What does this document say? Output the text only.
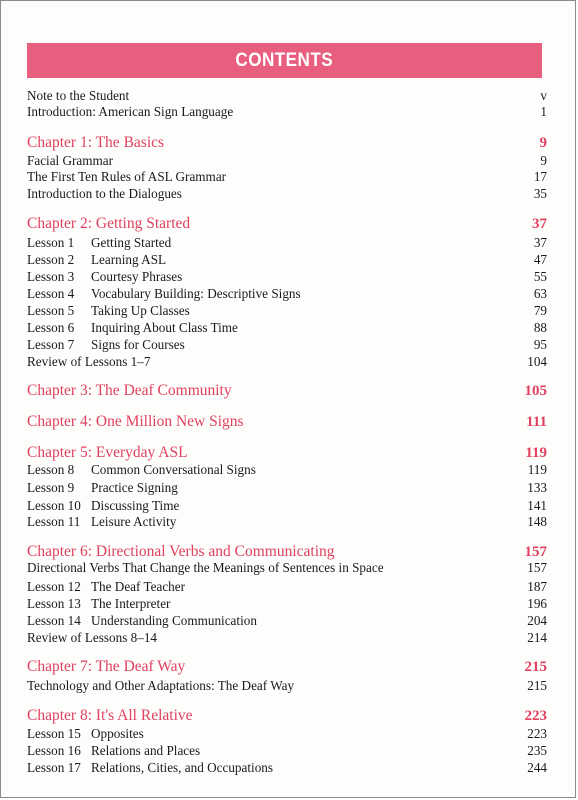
CONTENTS
Note to the Student	v
Introduction: American Sign Language	1
Chapter 1: The Basics	9
Facial Grammar	9
The First Ten Rules of ASL Grammar	17
Introduction to the Dialogues	35
Chapter 2: Getting Started	37
Lesson 1 Getting Started	37
Lesson 2 Learning ASL	47
Lesson 3 Courtesy Phrases	55
Lesson 4 Vocabulary Building: Descriptive Signs	63
Lesson 5 Taking Up Classes	79
Lesson 6 Inquiring About Class Time	88
Lesson 7 Signs for Courses	95
Review of Lessons 1–7	104
Chapter 3: The Deaf Community	105
Chapter 4: One Million New Signs	111
Chapter 5: Everyday ASL	119
Lesson 8 Common Conversational Signs	119
Lesson 9 Practice Signing	133
Lesson 10 Discussing Time	141
Lesson 11 Leisure Activity	148
Chapter 6: Directional Verbs and Communicating	157
Directional Verbs That Change the Meanings of Sentences in Space	157
Lesson 12 The Deaf Teacher	187
Lesson 13 The Interpreter	196
Lesson 14 Understanding Communication	204
Review of Lessons 8–14	214
Chapter 7: The Deaf Way	215
Technology and Other Adaptations: The Deaf Way	215
Chapter 8: It's All Relative	223
Lesson 15 Opposites	223
Lesson 16 Relations and Places	235
Lesson 17 Relations, Cities, and Occupations	244
